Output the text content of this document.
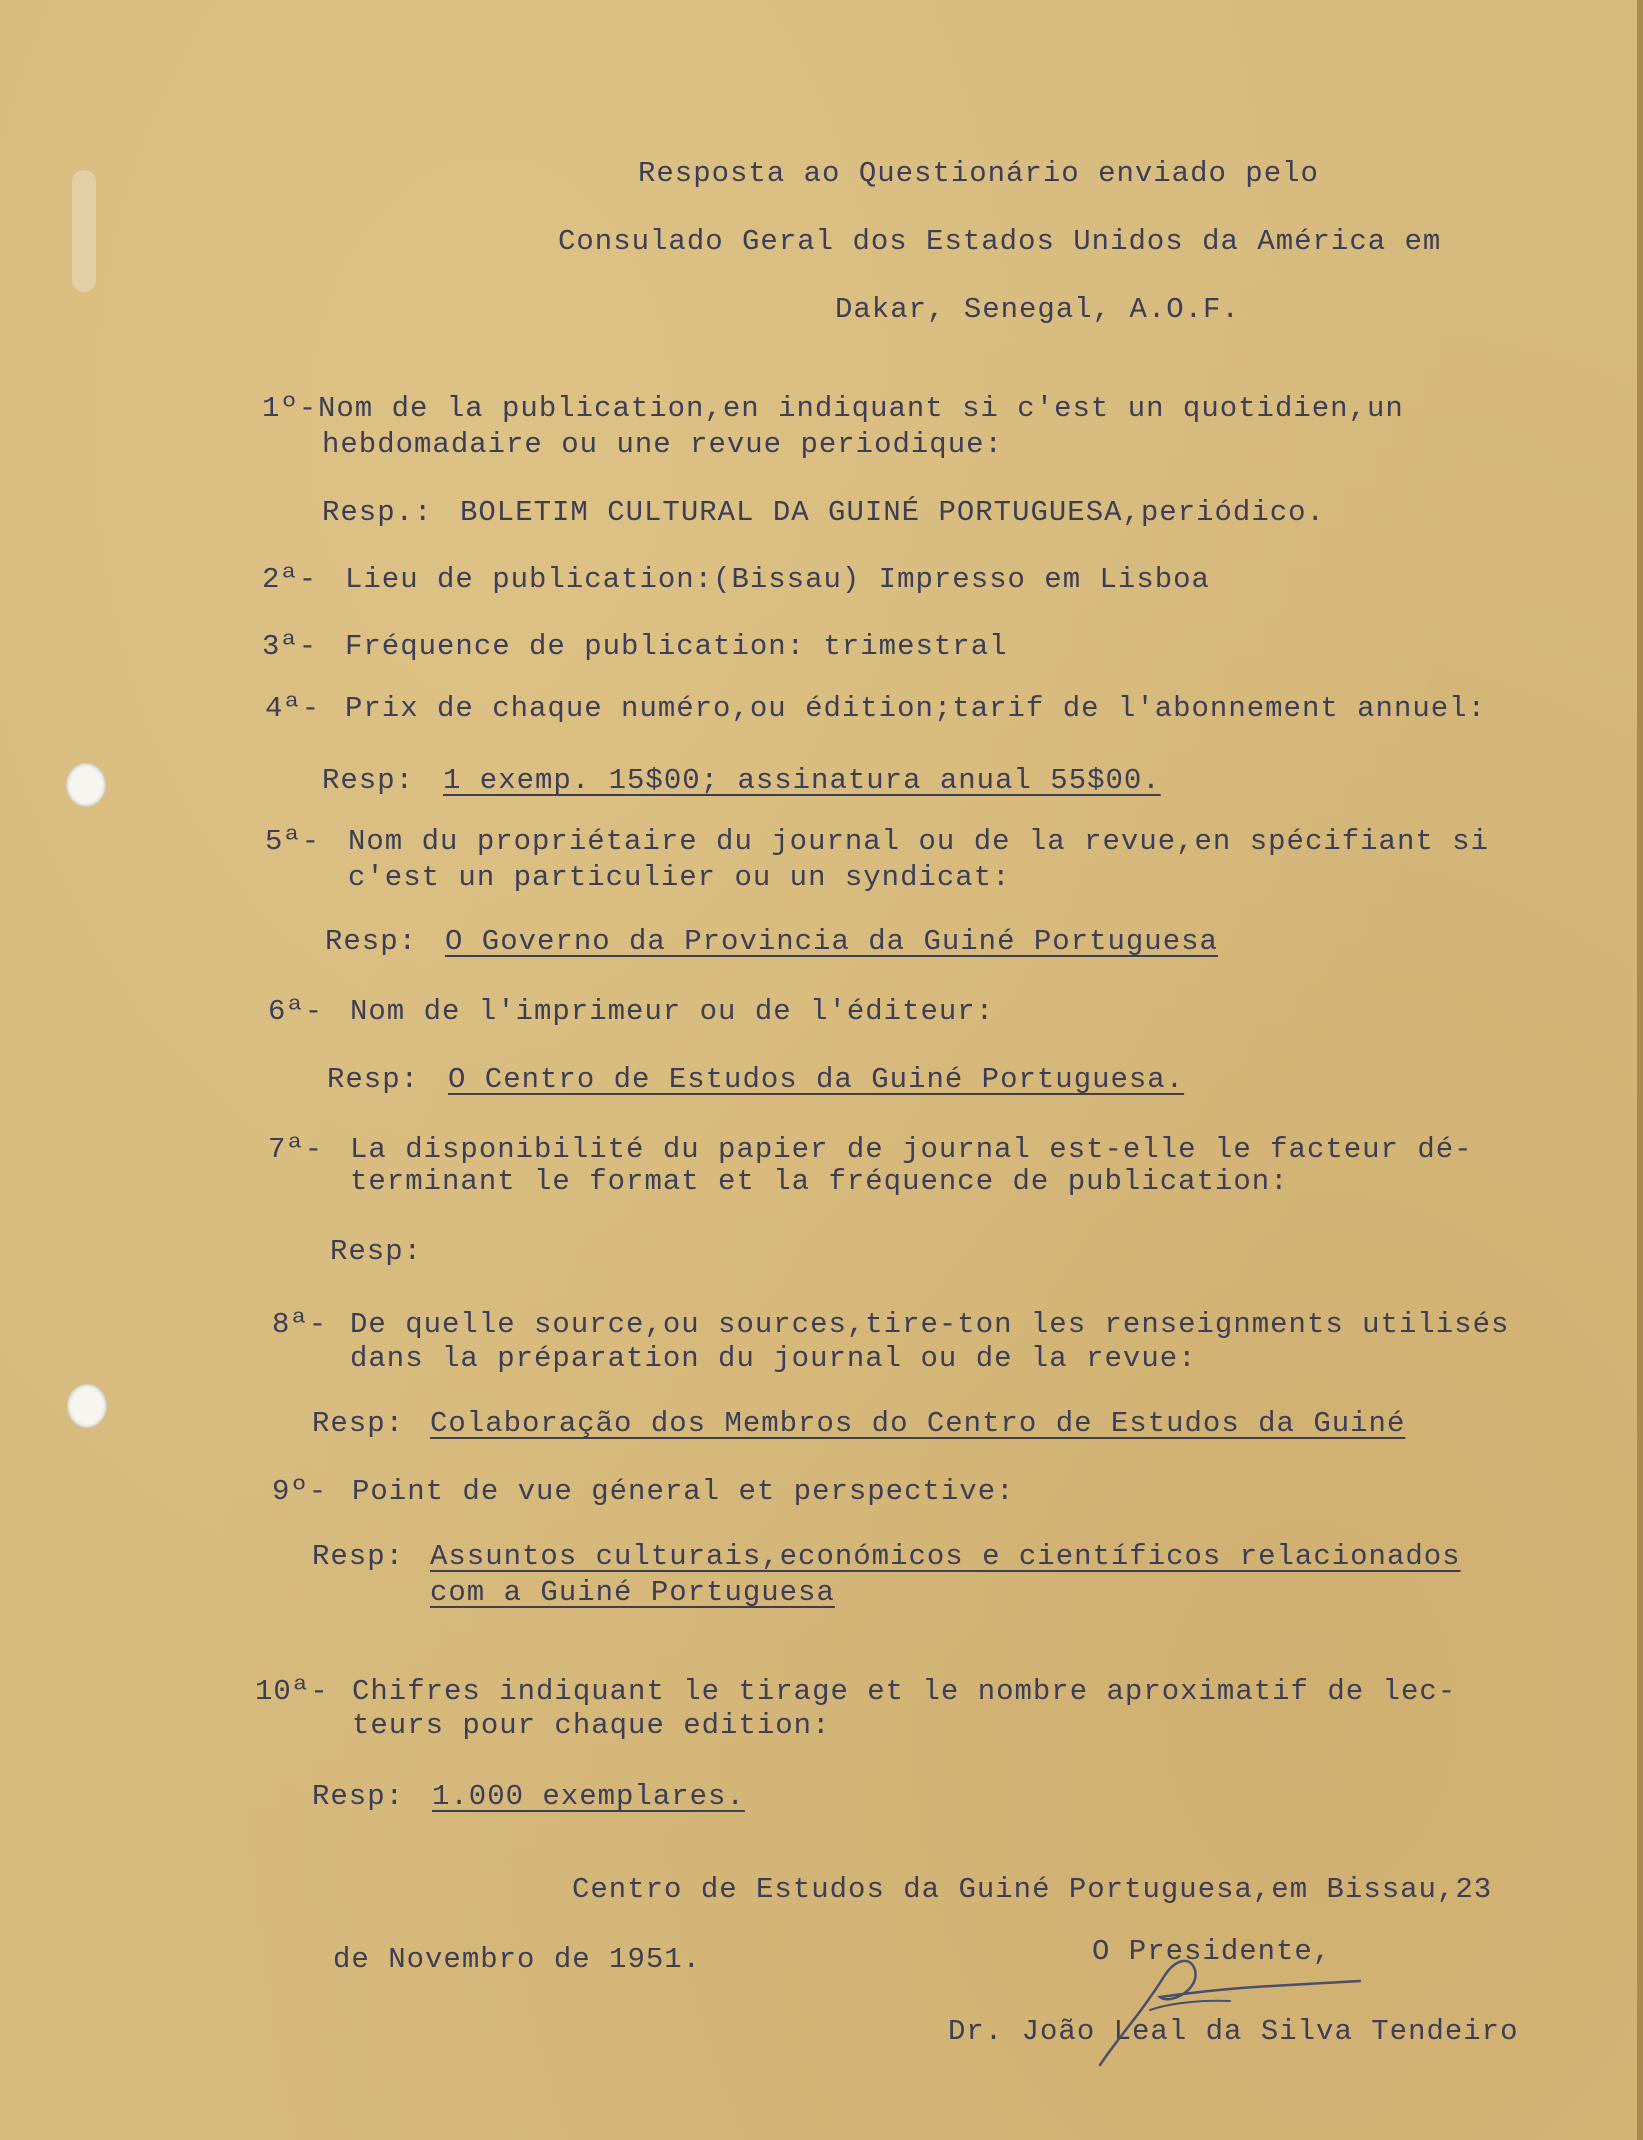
Resposta ao Questionário enviado pelo
Consulado Geral dos Estados Unidos da América em
Dakar, Senegal, A.O.F.
1º- Nom de la publication,en indiquant si c'est un quotidien,un
hebdomadaire ou une revue periodique:
Resp.: BOLETIM CULTURAL DA GUINÉ PORTUGUESA,periódico.
2ª- Lieu de publication:(Bissau) Impresso em Lisboa
3ª- Fréquence de publication: trimestral
4ª- Prix de chaque numéro,ou édition;tarif de l'abonnement annuel:
Resp: 1 exemp. 15$00; assinatura anual 55$00.
5ª- Nom du propriétaire du journal ou de la revue,en spécifiant si
c'est un particulier ou un syndicat:
Resp: O Governo da Provincia da Guiné Portuguesa
6ª- Nom de l'imprimeur ou de l'éditeur:
Resp: O Centro de Estudos da Guiné Portuguesa.
7ª- La disponibilité du papier de journal est-elle le facteur dé-
terminant le format et la fréquence de publication:
Resp:
8ª- De quelle source,ou sources,tire-ton les renseignments utilisés
dans la préparation du journal ou de la revue:
Resp: Colaboração dos Membros do Centro de Estudos da Guiné
9º- Point de vue géneral et perspective:
Resp: Assuntos culturais,económicos e científicos relacionados
com a Guiné Portuguesa
10ª- Chifres indiquant le tirage et le nombre aproximatif de lec-
teurs pour chaque edition:
Resp: 1.000 exemplares.
Centro de Estudos da Guiné Portuguesa,em Bissau,23
de Novembro de 1951.	O Presidente,
Dr. João Leal da Silva Tendeiro
